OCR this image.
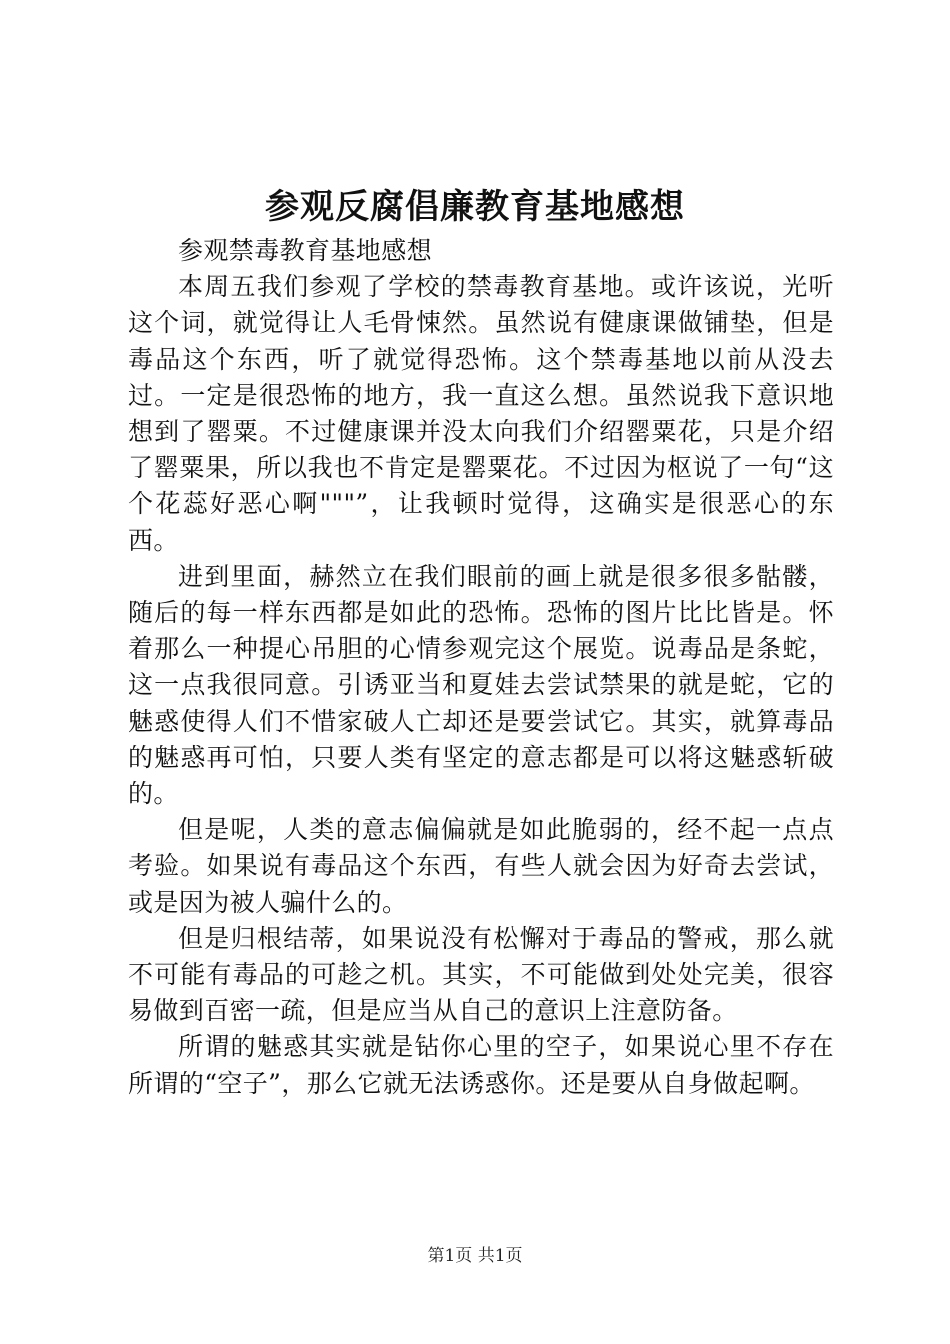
参观反腐倡廉教育基地感想

参观禁毒教育基地感想

本周五我们参观了学校的禁毒教育基地。或许该说，光听这个词，就觉得让人毛骨悚然。虽然说有健康课做铺垫，但是毒品这个东西，听了就觉得恐怖。这个禁毒基地以前从没去过。一定是很恐怖的地方，我一直这么想。虽然说我下意识地想到了罂粟。不过健康课并没太向我们介绍罂粟花，只是介绍了罂粟果，所以我也不肯定是罂粟花。不过因为枢说了一句“这个花蕊好恶心啊"""”，让我顿时觉得，这确实是很恶心的东西。

进到里面，赫然立在我们眼前的画上就是很多很多骷髅，随后的每一样东西都是如此的恐怖。恐怖的图片比比皆是。怀着那么一种提心吊胆的心情参观完这个展览。说毒品是条蛇，这一点我很同意。引诱亚当和夏娃去尝试禁果的就是蛇，它的魅惑使得人们不惜家破人亡却还是要尝试它。其实，就算毒品的魅惑再可怕，只要人类有坚定的意志都是可以将这魅惑斩破的。

但是呢，人类的意志偏偏就是如此脆弱的，经不起一点点考验。如果说有毒品这个东西，有些人就会因为好奇去尝试，或是因为被人骗什么的。

但是归根结蒂，如果说没有松懈对于毒品的警戒，那么就不可能有毒品的可趁之机。其实，不可能做到处处完美，很容易做到百密一疏，但是应当从自己的意识上注意防备。

所谓的魅惑其实就是钻你心里的空子，如果说心里不存在所谓的“空子”，那么它就无法诱惑你。还是要从自身做起啊。

第1页 共1页
